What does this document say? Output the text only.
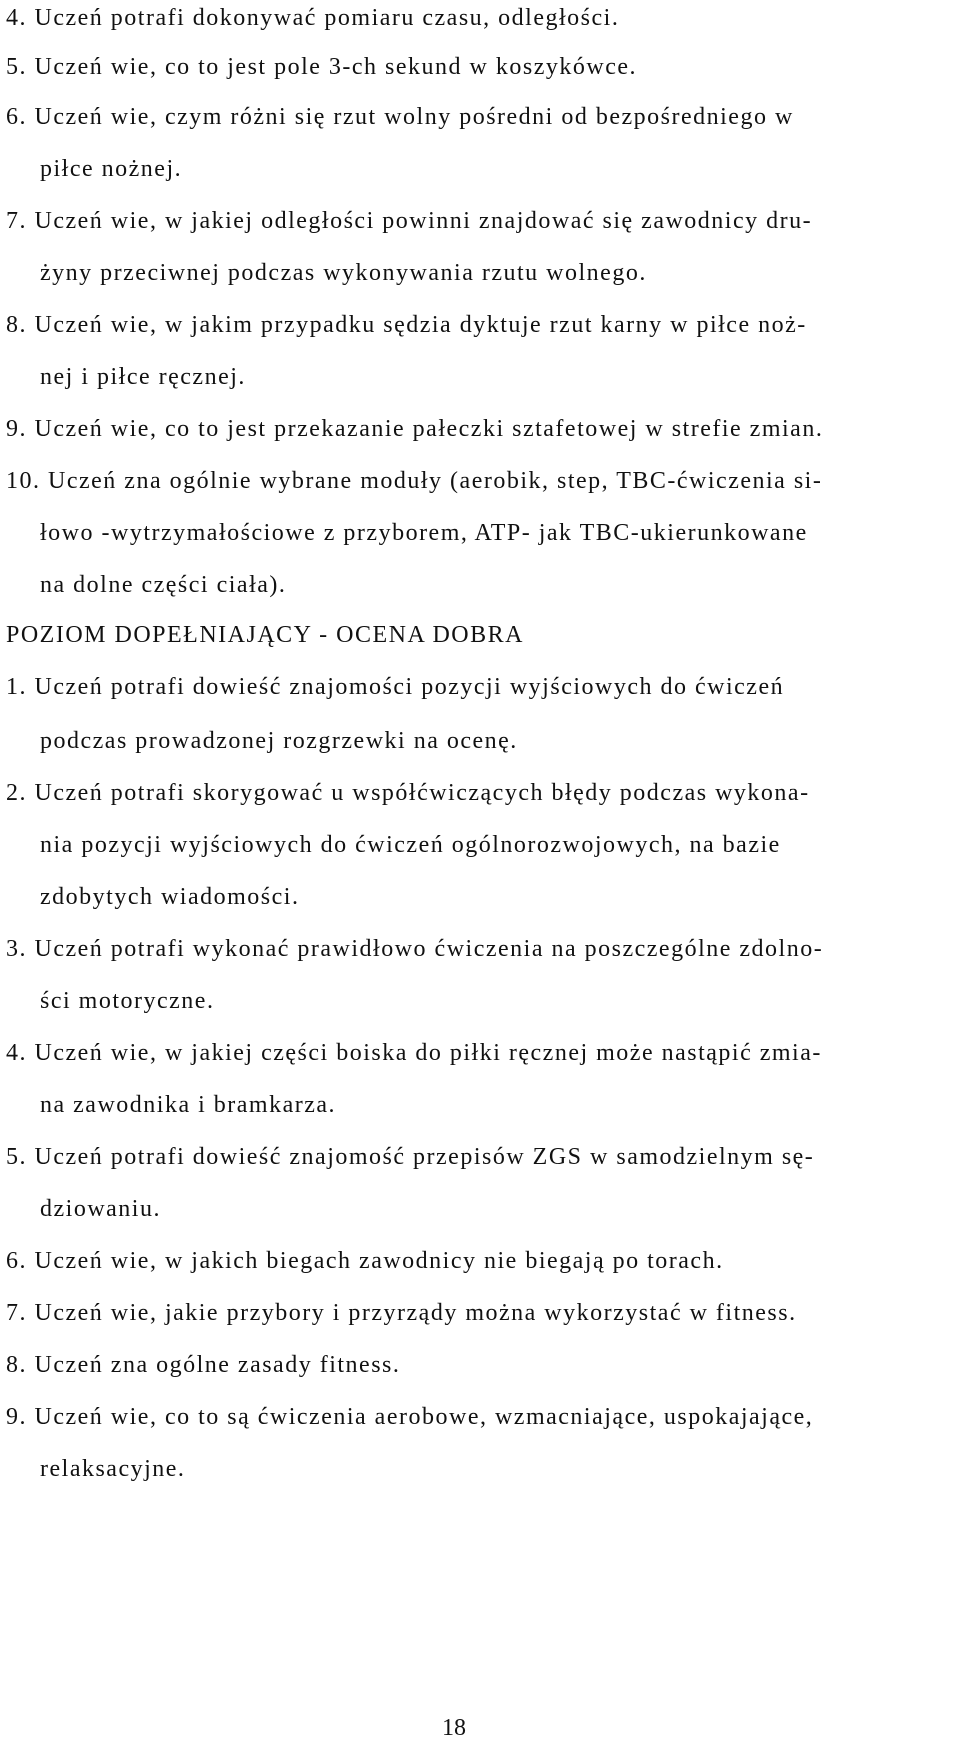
4. Uczeń potrafi dokonywać pomiaru czasu, odległości.

5. Uczeń wie, co to jest pole 3-ch sekund w koszykówce.

6. Uczeń wie, czym różni się rzut wolny pośredni od bezpośredniego w

piłce nożnej.

7. Uczeń wie, w jakiej odległości powinni znajdować się zawodnicy dru-

żyny przeciwnej podczas wykonywania rzutu wolnego.

8. Uczeń wie, w jakim przypadku sędzia dyktuje rzut karny w piłce noż-

nej i piłce ręcznej.

9. Uczeń wie, co to jest przekazanie pałeczki sztafetowej w strefie zmian.

10. Uczeń zna ogólnie wybrane moduły (aerobik, step, TBC-ćwiczenia si-

łowo -wytrzymałościowe z przyborem, ATP- jak TBC-ukierunkowane

na dolne części ciała).

POZIOM DOPEŁNIAJĄCY - OCENA DOBRA

1. Uczeń potrafi dowieść znajomości pozycji wyjściowych do ćwiczeń

podczas prowadzonej rozgrzewki na ocenę.

2. Uczeń potrafi skorygować u współćwiczących błędy podczas wykona-

nia pozycji wyjściowych do ćwiczeń ogólnorozwojowych, na bazie

zdobytych wiadomości.

3. Uczeń potrafi wykonać prawidłowo ćwiczenia na poszczególne zdolno-

ści motoryczne.

4. Uczeń wie, w jakiej części boiska do piłki ręcznej może nastąpić zmia-

na zawodnika i bramkarza.

5. Uczeń potrafi dowieść znajomość przepisów ZGS w samodzielnym sę-

dziowaniu.

6. Uczeń wie, w jakich biegach zawodnicy nie biegają po torach.

7. Uczeń wie, jakie przybory i przyrządy można wykorzystać w fitness.

8. Uczeń zna ogólne zasady fitness.

9. Uczeń wie, co to są ćwiczenia aerobowe, wzmacniające, uspokajające,

relaksacyjne.

18
